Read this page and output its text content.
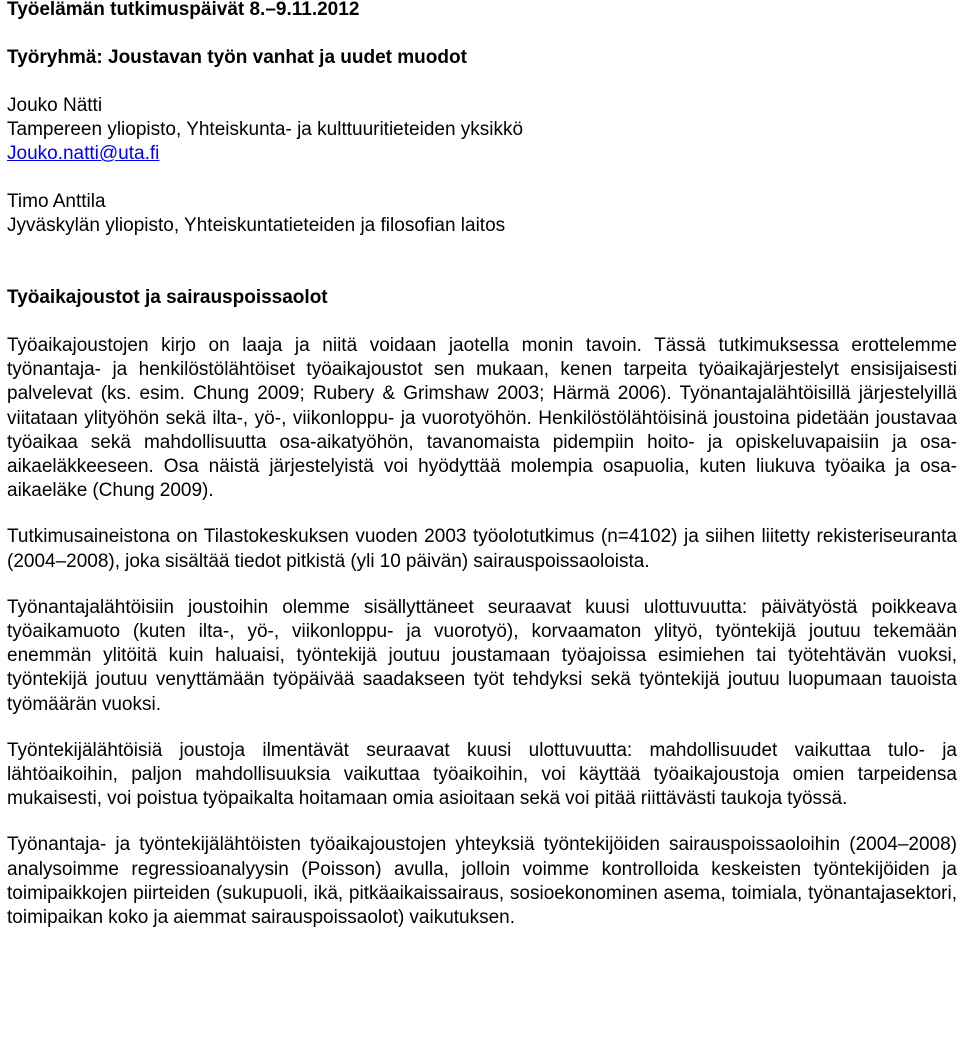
Työelämän tutkimuspäivät 8.–9.11.2012
Työryhmä: Joustavan työn vanhat ja uudet muodot
Jouko Nätti
Tampereen yliopisto, Yhteiskunta- ja kulttuuritieteiden yksikkö
Jouko.natti@uta.fi
Timo Anttila
Jyväskylän yliopisto, Yhteiskuntatieteiden ja filosofian laitos
Työaikajoustot ja sairauspoissaolot
Työaikajoustojen kirjo on laaja ja niitä voidaan jaotella monin tavoin. Tässä tutkimuksessa erottelemme työnantaja- ja henkilöstölähtöiset työaikajoustot sen mukaan, kenen tarpeita työaikajärjestelyt ensisijaisesti palvelevat (ks. esim. Chung 2009; Rubery & Grimshaw 2003; Härmä 2006). Työnantajalähtöisillä järjestelyillä viitataan ylityöhön sekä ilta-, yö-, viikonloppu- ja vuorotyöhön. Henkilöstölähtöisinä joustoina pidetään joustavaa työaikaa sekä mahdollisuutta osa-aikatyöhön, tavanomaista pidempiin hoito- ja opiskeluvapaisiin ja osa-aikaeläkkeeseen. Osa näistä järjestelyistä voi hyödyttää molempia osapuolia, kuten liukuva työaika ja osa-aikaeläke (Chung 2009).
Tutkimusaineistona on Tilastokeskuksen vuoden 2003 työolotutkimus (n=4102) ja siihen liitetty rekisteriseuranta (2004–2008), joka sisältää tiedot pitkistä (yli 10 päivän) sairauspoissaoloista.
Työnantajalähtöisiin joustoihin olemme sisällyttäneet seuraavat kuusi ulottuvuutta: päivätyöstä poikkeava työaikamuoto (kuten ilta-, yö-, viikonloppu- ja vuorotyö), korvaamaton ylityö, työntekijä joutuu tekemään enemmän ylitöitä kuin haluaisi, työntekijä joutuu joustamaan työajoissa esimiehen tai työtehtävän vuoksi, työntekijä joutuu venyttämään työpäivää saadakseen työt tehdyksi sekä työntekijä joutuu luopumaan tauoista työmäärän vuoksi.
Työntekijälähtöisiä joustoja ilmentävät seuraavat kuusi ulottuvuutta: mahdollisuudet vaikuttaa tulo- ja lähtöaikoihin, paljon mahdollisuuksia vaikuttaa työaikoihin, voi käyttää työaikajoustoja omien tarpeidensa mukaisesti, voi poistua työpaikalta hoitamaan omia asioitaan sekä voi pitää riittävästi taukoja työssä.
Työnantaja- ja työntekijälähtöisten työaikajoustojen yhteyksiä työntekijöiden sairauspoissaoloihin (2004–2008) analysoimme regressioanalyysin (Poisson) avulla, jolloin voimme kontrolloida keskeisten työntekijöiden ja toimipaikkojen piirteiden (sukupuoli, ikä, pitkäaikaissairaus, sosioekonominen asema, toimiala, työnantajasektori, toimipaikan koko ja aiemmat sairauspoissaolot) vaikutuksen.
